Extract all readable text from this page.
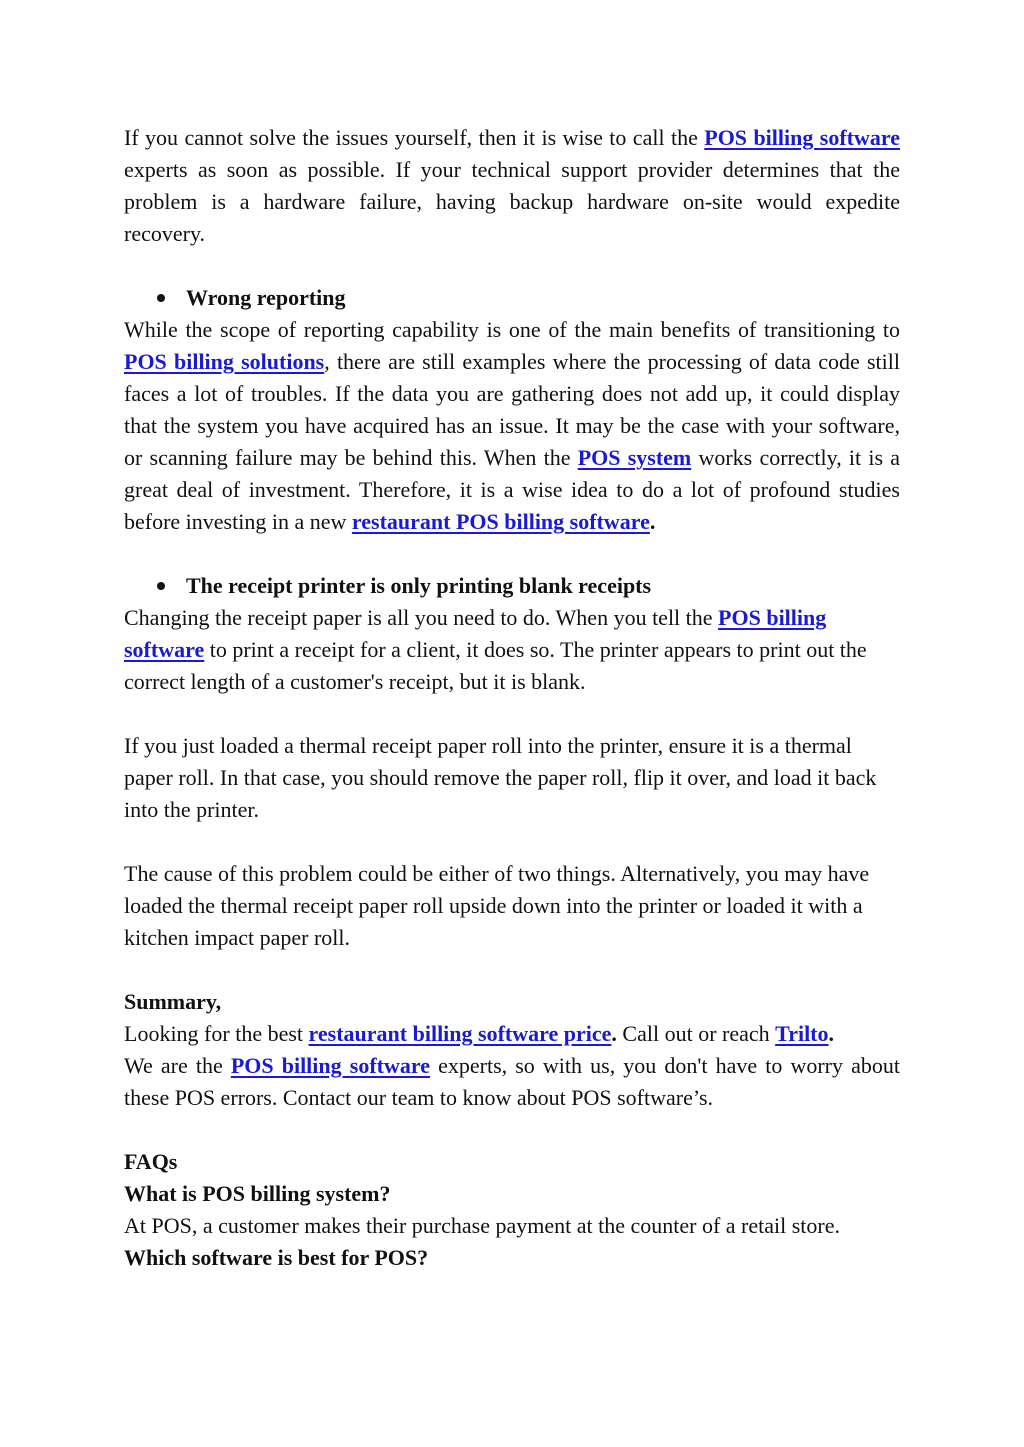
If you cannot solve the issues yourself, then it is wise to call the POS billing software experts as soon as possible. If your technical support provider determines that the problem is a hardware failure, having backup hardware on-site would expedite recovery.

Wrong reporting

While the scope of reporting capability is one of the main benefits of transitioning to POS billing solutions, there are still examples where the processing of data code still faces a lot of troubles. If the data you are gathering does not add up, it could display that the system you have acquired has an issue. It may be the case with your software, or scanning failure may be behind this. When the POS system works correctly, it is a great deal of investment. Therefore, it is a wise idea to do a lot of profound studies before investing in a new restaurant POS billing software.

The receipt printer is only printing blank receipts

Changing the receipt paper is all you need to do. When you tell the POS billing software to print a receipt for a client, it does so. The printer appears to print out the correct length of a customer's receipt, but it is blank.

If you just loaded a thermal receipt paper roll into the printer, ensure it is a thermal paper roll. In that case, you should remove the paper roll, flip it over, and load it back into the printer.

The cause of this problem could be either of two things. Alternatively, you may have loaded the thermal receipt paper roll upside down into the printer or loaded it with a kitchen impact paper roll.

Summary,

Looking for the best restaurant billing software price. Call out or reach Trilto.

We are the POS billing software experts, so with us, you don't have to worry about these POS errors. Contact our team to know about POS software’s.

FAQs

What is POS billing system?

At POS, a customer makes their purchase payment at the counter of a retail store.

Which software is best for POS?
